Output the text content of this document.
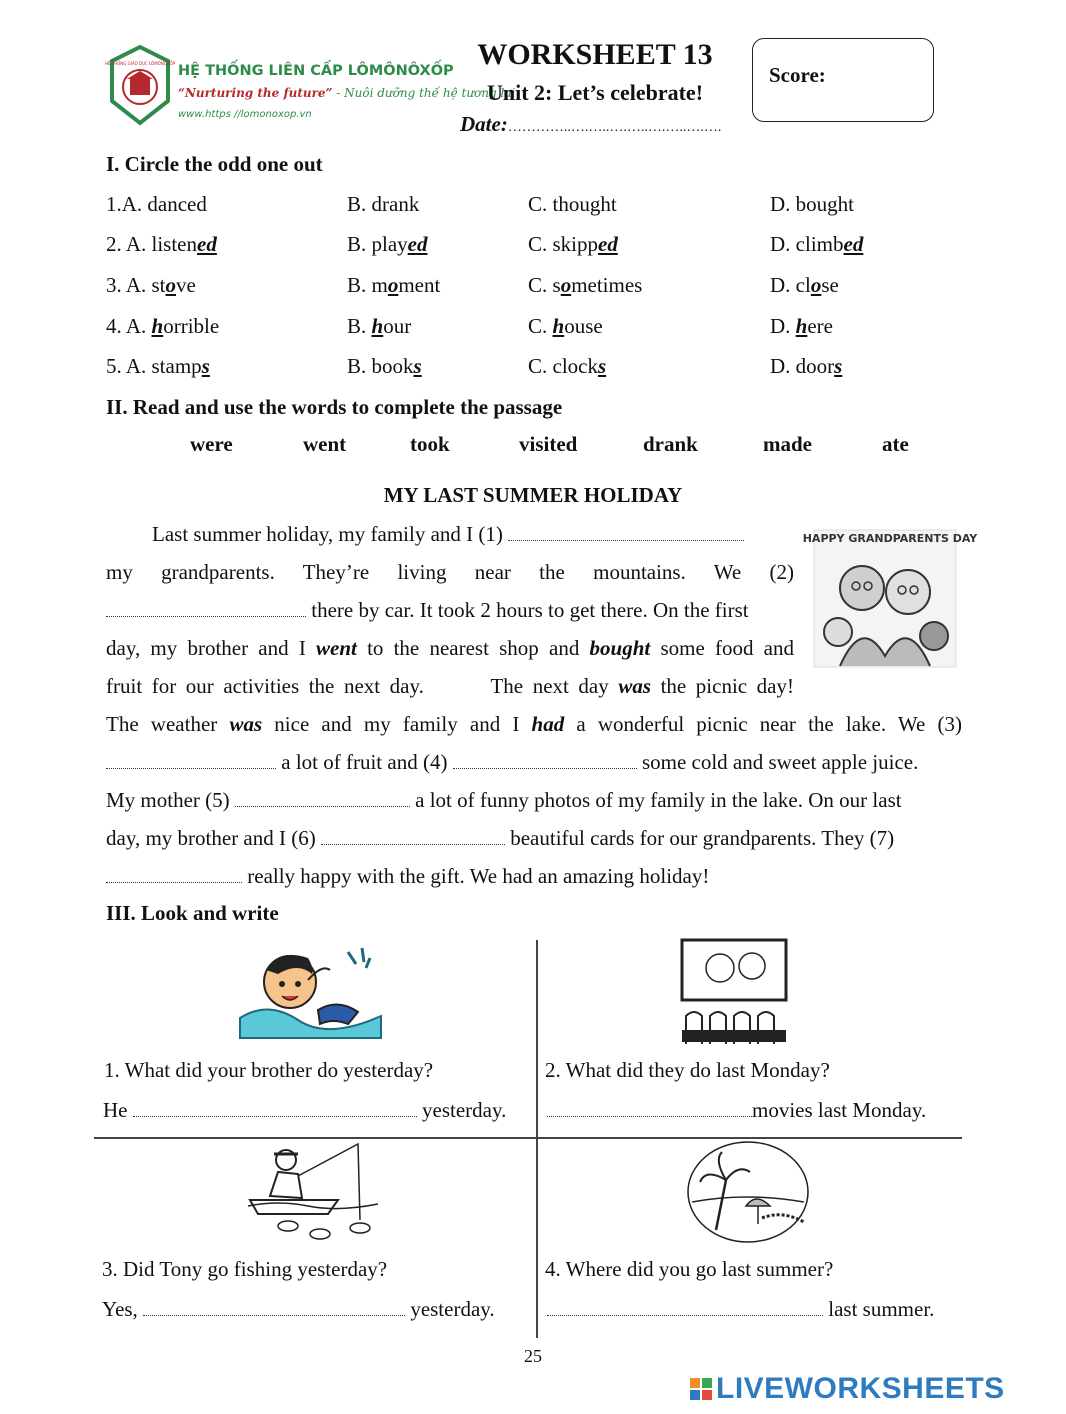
HỆ THỐNG GIÁO DỤC LÔMÔNÔXỐP HỆ THỐNG LIÊN CẤP LÔMÔNÔXỐP
“Nurturing the future” - Nuôi dưỡng thế hệ tương lai
www.https //lomonoxop.vn
WORKSHEET 13
Unit 2: Let’s celebrate!
Date:…………..….…..….…..….…..….….
Score:
I. Circle the odd one out
1.A. danced	B. drank	C. thought	D. bought
2. A. listened	B. played	C. skipped	D. climbed
3. A. stove	B. moment	C. sometimes	D. close
4. A. horrible	B. hour	C. house	D. here
5. A. stamps	B. books	C. clocks	D. doors
II. Read and use the words to complete the passage
were	went	took	visited	drank	made	ate
MY LAST SUMMER HOLIDAY
Last summer holiday, my family and I (1)
my grandparents. They’re living near the mountains. We (2)
there by car. It took 2 hours to get there. On the first
day, my brother and I went to the nearest shop and bought some food and
fruit for our activities the next day.       The next day was the picnic day!
HAPPY GRANDPARENTS DAY
The weather was nice and my family and I had a wonderful picnic near the lake. We (3)
a lot of fruit and (4)	some cold and sweet apple juice.
My mother (5)	a lot of funny photos of my family in the lake. On our last
day, my brother and I (6)	beautiful cards for our grandparents. They (7)
really happy with the gift. We had an amazing holiday!
III. Look and write
1. What did your brother do yesterday?
He	yesterday.
2. What did they do last Monday?
movies last Monday.
3. Did Tony go fishing yesterday?
Yes,	yesterday.
4. Where did you go last summer?
last summer.
25
LIVEWORKSHEETS
